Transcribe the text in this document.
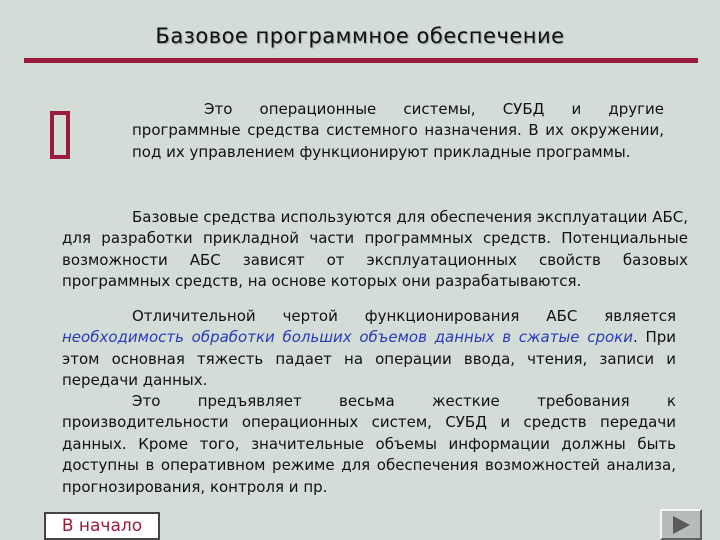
Базовое программное обеспечение

Это операционные системы, СУБД и другие программные средства системного назначения. В их окружении, под их управлением функционируют прикладные программы.

Базовые средства используются для обеспечения эксплуатации АБС, для разработки прикладной части программных средств. Потенциальные возможности АБС зависят от эксплуатационных свойств базовых программных средств, на основе которых они разрабатываются.

Отличительной чертой функционирования АБС является необходимость обработки больших объемов данных в сжатые сроки. При этом основная тяжесть падает на операции ввода, чтения, записи и передачи данных.

Это предъявляет весьма жесткие требования к производительности операционных систем, СУБД и средств передачи данных. Кроме того, значительные объемы информации должны быть доступны в оперативном режиме для обеспечения возможностей анализа, прогнозирования, контроля и пр.

В начало
